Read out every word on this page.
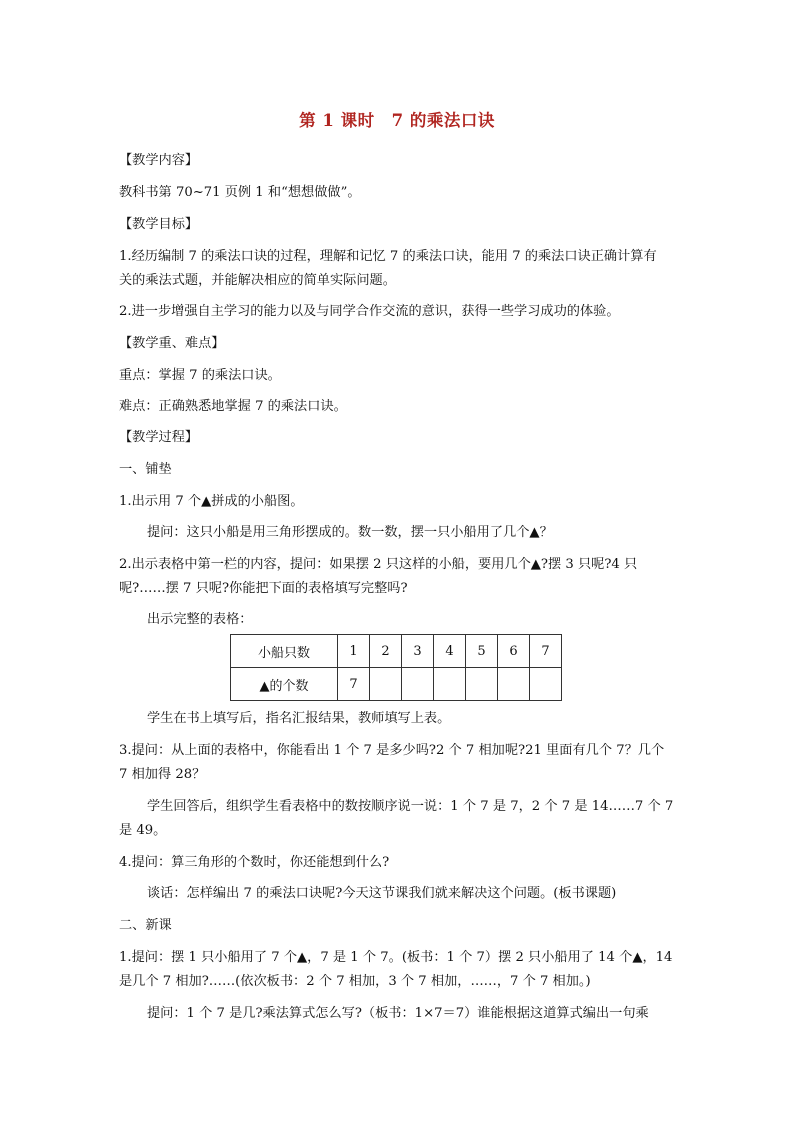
第 1 课时　7 的乘法口诀
【教学内容】
教科书第 70~71 页例 1 和“想想做做”。
【教学目标】
1.经历编制 7 的乘法口诀的过程，理解和记忆 7 的乘法口诀，能用 7 的乘法口诀正确计算有
关的乘法式题，并能解决相应的简单实际问题。
2.进一步增强自主学习的能力以及与同学合作交流的意识，获得一些学习成功的体验。
【教学重、难点】
重点：掌握 7 的乘法口诀。
难点：正确熟悉地掌握 7 的乘法口诀。
【教学过程】
一、铺垫
1.出示用 7 个▲拼成的小船图。
提问：这只小船是用三角形摆成的。数一数，摆一只小船用了几个▲？
2.出示表格中第一栏的内容，提问：如果摆 2 只这样的小船，要用几个▲?摆 3 只呢?4 只
呢?……摆 7 只呢?你能把下面的表格填写完整吗?
出示完整的表格：
小船只数	1	2	3	4	5	6	7
▲的个数	7						
学生在书上填写后，指名汇报结果，教师填写上表。
3.提问：从上面的表格中，你能看出 1 个 7 是多少吗?2 个 7 相加呢?21 里面有几个 7？几个
7 相加得 28？
学生回答后，组织学生看表格中的数按顺序说一说：1 个 7 是 7，2 个 7 是 14……7 个 7
是 49。
4.提问：算三角形的个数时，你还能想到什么?
谈话：怎样编出 7 的乘法口诀呢?今天这节课我们就来解决这个问题。(板书课题)
二、新课
1.提问：摆 1 只小船用了 7 个▲，7 是 1 个 7。(板书：1 个 7）摆 2 只小船用了 14 个▲，14
是几个 7 相加?……(依次板书：2 个 7 相加，3 个 7 相加，……，7 个 7 相加。)
提问：1 个 7 是几?乘法算式怎么写?（板书：1×7＝7）谁能根据这道算式编出一句乘
